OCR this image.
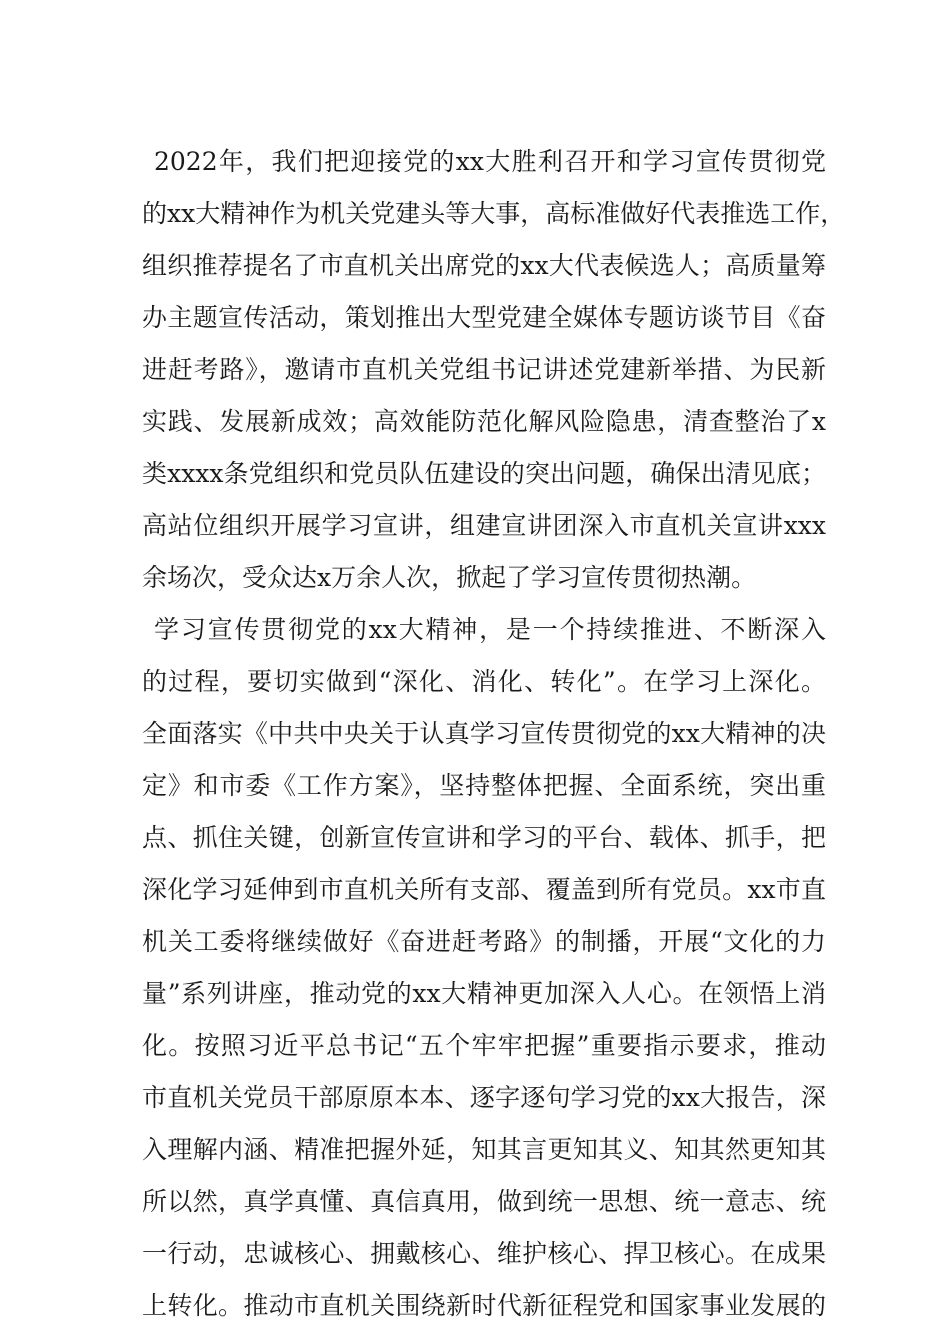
2022年，我们把迎接党的xx大胜利召开和学习宣传贯彻党
的xx大精神作为机关党建头等大事，高标准做好代表推选工作，
组织推荐提名了市直机关出席党的xx大代表候选人；高质量筹
办主题宣传活动，策划推出大型党建全媒体专题访谈节目《奋
进赶考路》，邀请市直机关党组书记讲述党建新举措、为民新
实践、发展新成效；高效能防范化解风险隐患，清查整治了x
类xxxx条党组织和党员队伍建设的突出问题，确保出清见底；
高站位组织开展学习宣讲，组建宣讲团深入市直机关宣讲xxx
余场次，受众达x万余人次，掀起了学习宣传贯彻热潮。
学习宣传贯彻党的xx大精神，是一个持续推进、不断深入
的过程，要切实做到“深化、消化、转化”。在学习上深化。
全面落实《中共中央关于认真学习宣传贯彻党的xx大精神的决
定》和市委《工作方案》，坚持整体把握、全面系统，突出重
点、抓住关键，创新宣传宣讲和学习的平台、载体、抓手，把
深化学习延伸到市直机关所有支部、覆盖到所有党员。xx市直
机关工委将继续做好《奋进赶考路》的制播，开展“文化的力
量”系列讲座，推动党的xx大精神更加深入人心。在领悟上消
化。按照习近平总书记“五个牢牢把握”重要指示要求，推动
市直机关党员干部原原本本、逐字逐句学习党的xx大报告，深
入理解内涵、精准把握外延，知其言更知其义、知其然更知其
所以然，真学真懂、真信真用，做到统一思想、统一意志、统
一行动，忠诚核心、拥戴核心、维护核心、捍卫核心。在成果
上转化。推动市直机关围绕新时代新征程党和国家事业发展的
